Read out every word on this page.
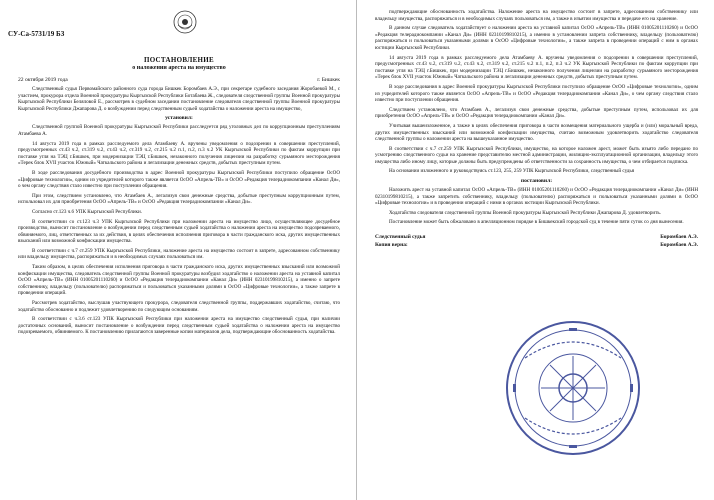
СУ-Са-5731/19 БЗ
ПОСТАНОВЛЕНИЕ
о наложении ареста на имущество
22 октября 2019 года	г. Бишкек

Следственный судья Первомайского районного суда города Бишкек Боромбаев А.Э., при секретаре судебного заседания Жоробаевой М., с участием, прокурора отдела Военной прокуратуры Кыргызской Республики Ботабаева Ж., следователя следственной группы Военной прокуратуры Кыргызской Республики Беляловой Е., рассмотрев в судебном заседании постановление следователя следственной группы Военной прокуратуры Кыргызской Республики Джапарова Д. о возбуждении перед следственным судьей ходатайства о наложении ареста на имущество,

установил:

Следственной группой Военной прокуратуры Кыргызской Республики расследуется ряд уголовных дел по коррупционным преступлениям Атамбаева А.

14 августа 2019 года в рамках расследуемого дела Атамбаеву А. вручены уведомления о подозрении в совершении преступлений, предусмотренных ст.43 ч.2, ст.319 ч.2, ст.43 ч.2, ст.319 ч.2, ст.215 ч.2 п.1, п.2, п.3 ч.2 УК Кыргызской Республики по фактам коррупции при поставке угля на ТЭЦ г.Бишкек, при модернизации ТЭЦ г.Бишкек, незаконного получения лицензии на разработку сурьмяного месторождения «Терек блок XVII участок Южный» Чаткальского района и легализации денежных средств, добытых преступным путем.

В ходе расследования досудебного производства в адрес Военной прокуратуры Кыргызской Республики поступило обращение ОсОО «Цифровые технологии», одним из учредителей которого также является ОсОО «Апрель-ТВ» и ОсОО «Редакция телерадиокомпании «Канал Ди», о чем органу следствия стало известно при поступлении обращения.

При этом, следствием установлено, что Атамбаев А., легализуя свои денежные средства, добытые преступным коррупционным путем, использовал их для приобретения ОсОО «Апрель-ТВ» и ОсОО «Редакция телерадиокомпании «Канал Ди».

Согласно ст.123 ч.6 УПК Кыргызской Республики.

В соответствии со ст.123 ч.3 УПК Кыргызской Республики при наложении ареста на имущество лицо, осуществляющее досудебное производство, выносит постановление о возбуждении перед следственным судьей ходатайства о наложении ареста на имущество подозреваемого, обвиняемого, лиц, ответственных за их действия, в целях обеспечения исполнения приговора в части гражданского иска, других имущественных взысканий или возможной конфискации имущества.

В соответствии с ч.7 ст.259 УПК Кыргызской Республики, наложение ареста на имущество состоит в запрете, адресованном собственнику или владельцу имущества, распоряжаться и в необходимых случаях пользоваться им.

Таким образом, в целях обеспечения исполнения приговора в части гражданского иска, других имущественных взысканий или возможной конфискации имущества, следователь следственной группы Военной прокуратуры возбудил ходатайство о наложении ареста на уставной капитал ОсОО «Апрель-ТВ» (ИНН 01005201110260) и ОсОО «Редакция телерадиокомпании «Канал Ди» (ИНН 02310199810215), а именно о запрете собственнику, владельцу (пользователю) распоряжаться и пользоваться указанными долями в ОсОО «Цифровые технологии», а также запрете в проведении операций.

Рассмотрев ходатайство, выслушав участвующего прокурора, следователя следственной группы, поддержавших ходатайство, считаю, что ходатайство обоснованно и подлежит удовлетворению по следующим основаниям.

В соответствии с ч.3.6 ст.123 УПК Кыргызской Республики при наложении ареста на имущество следственный судья, при наличии достаточных оснований, выносит постановление о возбуждении перед следственным судьей ходатайства о наложении ареста на имущество подозреваемого, обвиняемого. К постановлению прилагаются заверенные копии материалов дела, подтверждающие обоснованность ходатайства.

подтверждающие обоснованность ходатайства. Наложение ареста на имущество состоит в запрете, адресованном собственнику или владельцу имущества, распоряжаться и в необходимых случаях пользоваться им, а также в изъятии имущества и передаче его на хранение.

В данном случае следователь ходатайствует о наложении ареста на уставной капитал ОсОО «Апрель-ТВ» (ИНН 01005201110260) и ОсОО «Редакция телерадиокомпании «Канал Ди» (ИНН 02310199810215), а именно в установлении запрета собственнику, владельцу (пользователю) распоряжаться и пользоваться указанными долями в ОсОО «Цифровые технологии», а также запрета в проведении операций с ним в органах юстиции Кыргызской Республики.

14 августа 2019 года в рамках расследуемого дела Атамбаеву А. вручены уведомления о подозрении в совершении преступлений, предусмотренных ст.43 ч.2, ст.319 ч.2, ст.43 ч.2, ст.319 ч.2, ст.215 ч.2 п.1, п.2, п.3 ч.2 УК Кыргызской Республики по фактам коррупции при поставке угля на ТЭЦ г.Бишкек, при модернизации ТЭЦ г.Бишкек, незаконного получения лицензии на разработку сурьмяного месторождения «Терек блок XVII участок Южный» Чаткальского района и легализации денежных средств, добытых преступным путем.

В ходе расследования в адрес Военной прокуратуры Кыргызской Республики поступило обращение ОсОО «Цифровые технологии», одним из учредителей которого также является ОсОО «Апрель-ТВ» и ОсОО «Редакция телерадиокомпании «Канал Ди», о чем органу следствия стало известно при поступлении обращения.

Следствием установлено, что Атамбаев А., легализуя свои денежные средства, добытые преступным путем, использовал их для приобретения ОсОО «Апрель-ТВ» и ОсОО «Редакция телерадиокомпании «Канал Ди».

Учитывая вышеизложенное, а также в целях обеспечения приговора в части возмещения материального ущерба и (или) моральный вреда, других имущественных взысканий или возможной конфискации имущества, считаю возможным удовлетворить ходатайство следователя следственной группы о наложении ареста на вышеуказанное имущество.

В соответствии с ч.7 ст.259 УПК Кыргызской Республики, имущество, на которое наложен арест, может быть изъято либо передано по усмотрению следственного судьи на хранение представителю местной администрации, жилищно-эксплуатационной организации, владельцу этого имущества либо иному лицу, которые должны быть предупреждены об ответственности за сохранность имущества, о чем отбирается подписка.

На основании изложенного и руководствуясь ст.123, 255, 259 УПК Кыргызской Республики, следственный судья

постановил:

Наложить арест на уставной капитал ОсОО «Апрель-ТВ» (ИНН 01005201110260) и ОсОО «Редакция телерадиокомпании «Канал Ди» (ИНН 02310199810215), а также запретить собственнику, владельцу (пользователю) распоряжаться и пользоваться указанными долями в ОсОО «Цифровые технологии» и в проведении операций с ними в органах юстиции Кыргызской Республики.

Ходатайство следователя следственной группы Военной прокуратуры Кыргызской Республики Джапарова Д. удовлетворить.

Постановление может быть обжаловано в апелляционном порядке в Бишкекский городской суд в течение пяти суток со дня вынесения.

Следственный судья	Боромбаев А.Э.
Копия верна:	Боромбаев А.Э.
